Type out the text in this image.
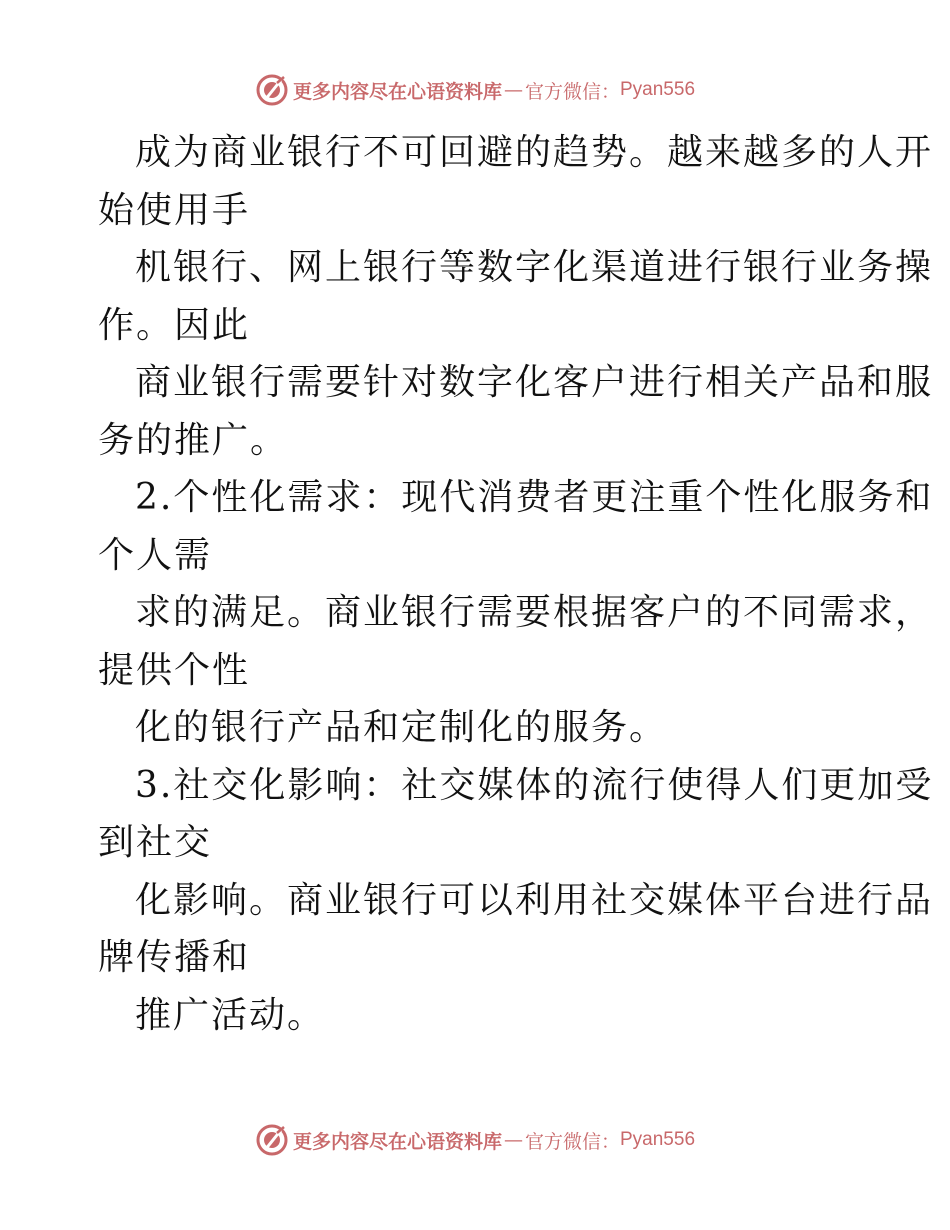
更多内容尽在心语资料库 — 官方微信： Pyan556
成为商业银行不可回避的趋势。越来越多的人开
始使用手
机银行、网上银行等数字化渠道进行银行业务操
作。因此
商业银行需要针对数字化客户进行相关产品和服
务的推广。
2.个性化需求：现代消费者更注重个性化服务和
个人需
求的满足。商业银行需要根据客户的不同需求，
提供个性
化的银行产品和定制化的服务。
3.社交化影响：社交媒体的流行使得人们更加受
到社交
化影响。商业银行可以利用社交媒体平台进行品
牌传播和
推广活动。
更多内容尽在心语资料库 — 官方微信： Pyan556
